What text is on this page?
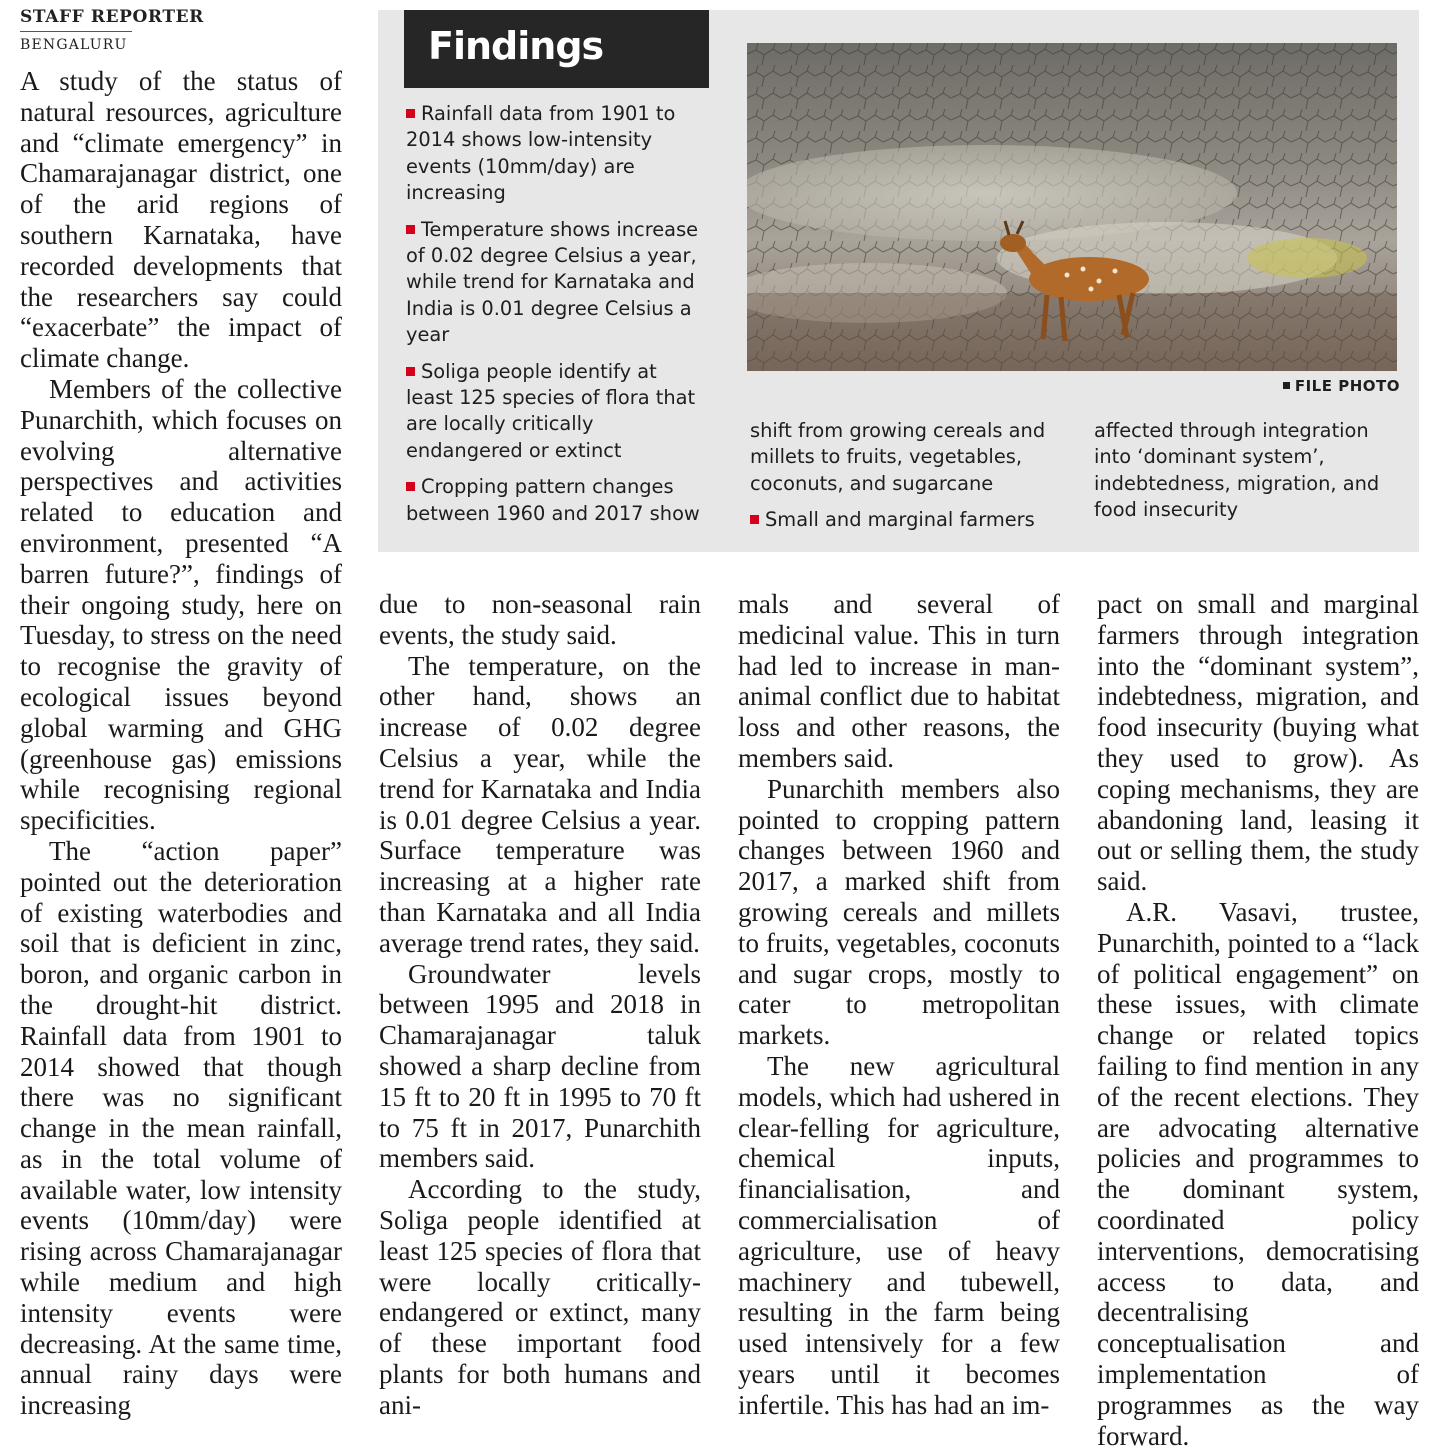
STAFF REPORTER
BENGALURU	Findings

Rainfall data from 1901 to 2014 shows low-intensity events (10mm/day) are increasing

Temperature shows increase of 0.02 degree Celsius a year, while trend for Karnataka and India is 0.01 degree Celsius a year

Soliga people identify at least 125 species of flora that are locally critically endangered or extinct

Cropping pattern changes between 1960 and 2017 show

shift from growing cereals and millets to fruits, vegetables, coconuts, and sugarcane

Small and marginal farmers

affected through integration into ‘dominant system’, indebtedness, migration, and food insecurity

FILE PHOTO

A study of the status of natural resources, agriculture and “climate emergency” in Chamarajanagar district, one of the arid regions of southern Karnataka, have recorded developments that the researchers say could “exacerbate” the impact of climate change.

Members of the collective Punarchith, which focuses on evolving alternative perspectives and activities related to education and environment, presented “A barren future?”, findings of their ongoing study, here on Tuesday, to stress on the need to recognise the gravity of ecological issues beyond global warming and GHG (greenhouse gas) emissions while recognising regional specificities.

The “action paper” pointed out the deterioration of existing waterbodies and soil that is deficient in zinc, boron, and organic carbon in the drought-hit district. Rainfall data from 1901 to 2014 showed that though there was no significant change in the mean rainfall, as in the total volume of available water, low intensity events (10mm/day) were rising across Chamarajanagar while medium and high intensity events were decreasing. At the same time, annual rainy days were increasing

due to non-seasonal rain events, the study said.

The temperature, on the other hand, shows an increase of 0.02 degree Celsius a year, while the trend for Karnataka and India is 0.01 degree Celsius a year. Surface temperature was increasing at a higher rate than Karnataka and all India average trend rates, they said.

Groundwater levels between 1995 and 2018 in Chamarajanagar taluk showed a sharp decline from 15 ft to 20 ft in 1995 to 70 ft to 75 ft in 2017, Punarchith members said.

According to the study, Soliga people identified at least 125 species of flora that were locally critically-endangered or extinct, many of these important food plants for both humans and ani-

mals and several of medicinal value. This in turn had led to increase in man-animal conflict due to habitat loss and other reasons, the members said.

Punarchith members also pointed to cropping pattern changes between 1960 and 2017, a marked shift from growing cereals and millets to fruits, vegetables, coconuts and sugar crops, mostly to cater to metropolitan markets.

The new agricultural models, which had ushered in clear-felling for agriculture, chemical inputs, financialisation, and commercialisation of agriculture, use of heavy machinery and tubewell, resulting in the farm being used intensively for a few years until it becomes infertile. This has had an im-

pact on small and marginal farmers through integration into the “dominant system”, indebtedness, migration, and food insecurity (buying what they used to grow). As coping mechanisms, they are abandoning land, leasing it out or selling them, the study said.

A.R. Vasavi, trustee, Punarchith, pointed to a “lack of political engagement” on these issues, with climate change or related topics failing to find mention in any of the recent elections. They are advocating alternative policies and programmes to the dominant system, coordinated policy interventions, democratising access to data, and decentralising conceptualisation and implementation of programmes as the way forward.
